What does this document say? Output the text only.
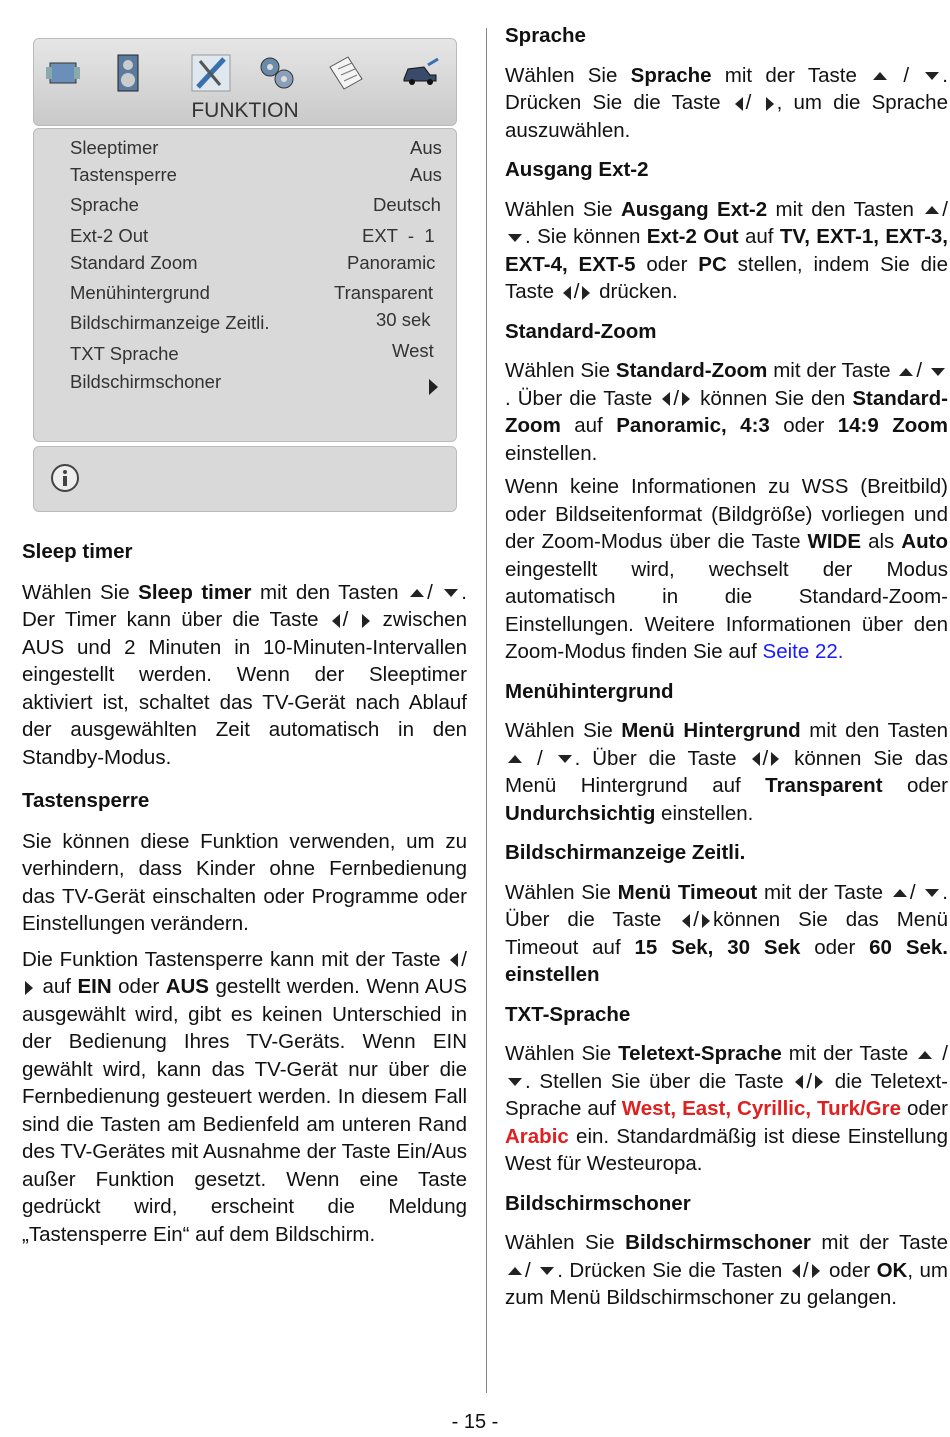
FUNKTION
Sleeptimer	Aus
Tastensperre	Aus
Sprache	Deutsch
Ext-2 Out	EXT  -  1
Standard Zoom	Panoramic
Menühintergrund	Transparent
Bildschirmanzeige Zeitli.	30 sek
TXT Sprache	West
Bildschirmschoner

Sleep timer

Wählen Sie Sleep timer mit den Tasten / . Der Timer kann über die Taste /  zwischen AUS und 2 Minuten in 10-Minuten-Intervallen eingestellt werden. Wenn der Sleeptimer aktiviert ist, schaltet das TV-Gerät nach Ablauf der ausgewählten Zeit automatisch in den Standby-Modus.

Tastensperre

Sie können diese Funktion verwenden, um zu verhindern, dass Kinder ohne Fernbedienung das TV-Gerät einschalten oder Programme oder Einstellungen verändern.

Die Funktion Tastensperre kann mit der Taste /  auf EIN oder AUS gestellt werden. Wenn AUS ausgewählt wird, gibt es keinen Unterschied in der Bedienung Ihres TV-Geräts. Wenn EIN gewählt wird, kann das TV-Gerät nur über die Fernbedienung gesteuert werden. In diesem Fall sind die Tasten am Bedienfeld am unteren Rand des TV-Gerätes mit Ausnahme der Taste Ein/Aus außer Funktion gesetzt. Wenn eine Taste gedrückt wird, erscheint die Meldung „Tastensperre Ein“ auf dem Bildschirm.

Sprache

Wählen Sie Sprache mit der Taste  / . Drücken Sie die Taste / , um die Sprache auszuwählen.

Ausgang Ext-2

Wählen Sie Ausgang Ext-2 mit den Tasten / . Sie können Ext-2 Out auf TV, EXT-1, EXT-3, EXT-4, EXT-5 oder PC stellen, indem Sie die Taste / drücken.

Standard-Zoom

Wählen Sie Standard-Zoom mit der Taste / . Über die Taste / können Sie den Standard-Zoom auf Panoramic, 4:3 oder 14:9 Zoom einstellen.

Wenn keine Informationen zu WSS (Breitbild) oder Bildseitenformat (Bildgröße) vorliegen und der Zoom-Modus über die Taste WIDE als Auto eingestellt wird, wechselt der Modus automatisch in die Standard-Zoom-Einstellungen. Weitere Informationen über den Zoom-Modus finden Sie auf Seite 22.

Menühintergrund

Wählen Sie Menü Hintergrund mit den Tasten  / . Über die Taste / können Sie das Menü Hintergrund auf Transparent oder Undurchsichtig einstellen.

Bildschirmanzeige Zeitli.

Wählen Sie Menü Timeout mit der Taste / . Über die Taste / können Sie das Menü Timeout auf 15 Sek, 30 Sek oder 60 Sek. einstellen

TXT-Sprache

Wählen Sie Teletext-Sprache mit der Taste  / . Stellen Sie über die Taste / die Teletext-Sprache auf West, East, Cyrillic, Turk/Gre oder Arabic ein. Standardmäßig ist diese Einstellung West für Westeuropa.

Bildschirmschoner

Wählen Sie Bildschirmschoner mit der Taste / . Drücken Sie die Tasten / oder OK, um zum Menü Bildschirmschoner zu gelangen.

- 15 -
